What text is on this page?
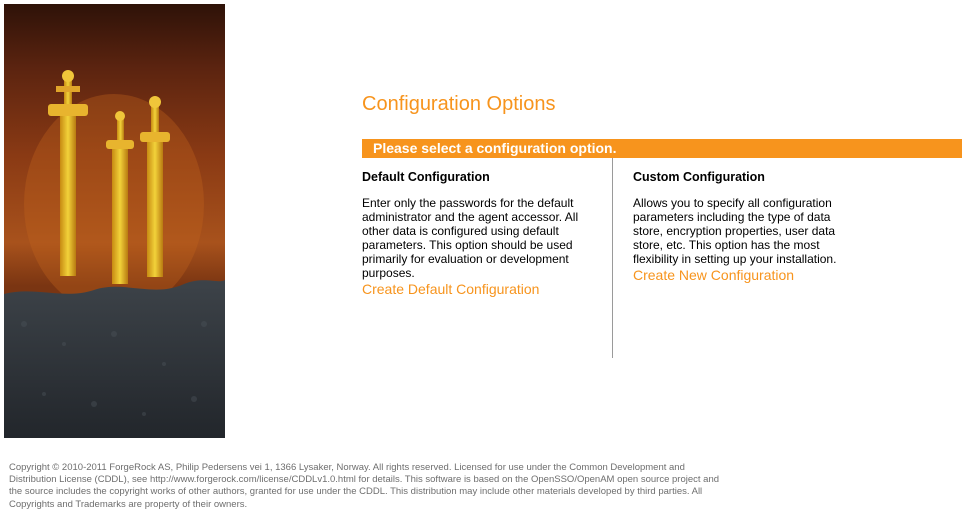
Configuration Options
Please select a configuration option.

Default Configuration

Enter only the passwords for the default administrator and the agent accessor. All other data is configured using default parameters. This option should be used primarily for evaluation or development purposes.

Create Default Configuration

Custom Configuration

Allows you to specify all configuration parameters including the type of data store, encryption properties, user data store, etc. This option has the most flexibility in setting up your installation.

Create New Configuration
Copyright © 2010-2011 ForgeRock AS, Philip Pedersens vei 1, 1366 Lysaker, Norway. All rights reserved. Licensed for use under the Common Development and Distribution License (CDDL), see http://www.forgerock.com/license/CDDLv1.0.html for details. This software is based on the OpenSSO/OpenAM open source project and the source includes the copyright works of other authors, granted for use under the CDDL. This distribution may include other materials developed by third parties. All Copyrights and Trademarks are property of their owners.
